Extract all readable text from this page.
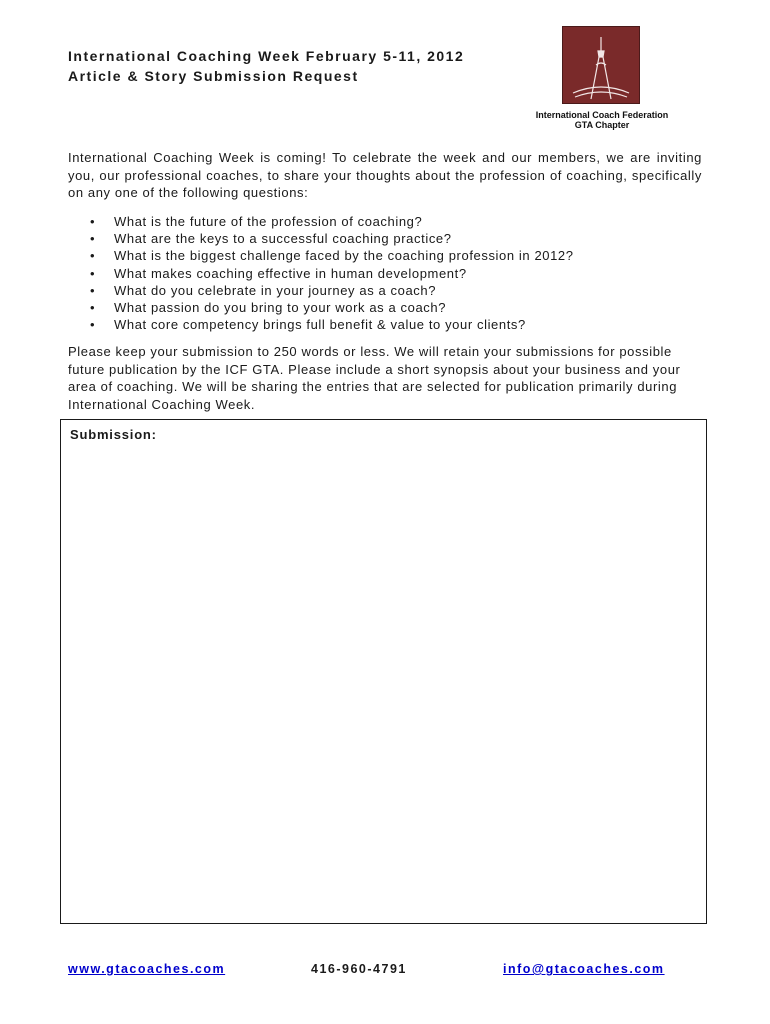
International Coaching Week February 5-11, 2012
Article & Story Submission Request
International Coach Federation
GTA Chapter

International Coaching Week is coming! To celebrate the week and our members, we are inviting you, our professional coaches, to share your thoughts about the profession of coaching, specifically on any one of the following questions:

• What is the future of the profession of coaching?
• What are the keys to a successful coaching practice?
• What is the biggest challenge faced by the coaching profession in 2012?
• What makes coaching effective in human development?
• What do you celebrate in your journey as a coach?
• What passion do you bring to your work as a coach?
• What core competency brings full benefit & value to your clients?

Please keep your submission to 250 words or less. We will retain your submissions for possible future publication by the ICF GTA. Please include a short synopsis about your business and your area of coaching. We will be sharing the entries that are selected for publication primarily during International Coaching Week.

Submission:
www.gtacoaches.com	416-960-4791	info@gtacoaches.com
